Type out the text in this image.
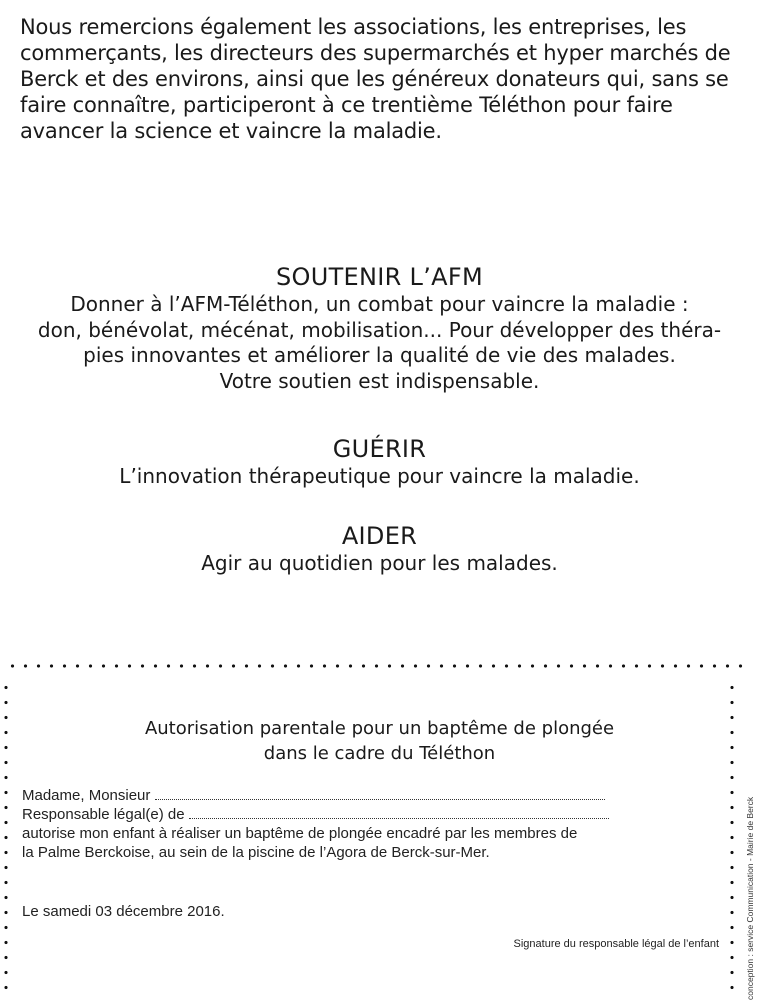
Nous remercions également les associations, les entreprises, les commerçants, les directeurs des supermarchés et hyper marchés de Berck et des environs, ainsi que les généreux donateurs qui, sans se faire connaître, participeront à ce trentième Téléthon pour faire avancer la science et vaincre la maladie.

SOUTENIR L’AFM
Donner à l’AFM-Téléthon, un combat pour vaincre la maladie :
don, bénévolat, mécénat, mobilisation... Pour développer des théra-
pies innovantes et améliorer la qualité de vie des malades.
Votre soutien est indispensable.
GUÉRIR
L’innovation thérapeutique pour vaincre la maladie.
AIDER
Agir au quotidien pour les malades.
Autorisation parentale pour un baptême de plongée
dans le cadre du Téléthon
Madame, Monsieur
Responsable légal(e) de
autorise mon enfant à réaliser un baptême de plongée encadré par les membres de
la Palme Berckoise, au sein de la piscine de l’Agora de Berck-sur-Mer.
Le samedi 03 décembre 2016.
Signature du responsable légal de l’enfant	conception : service Communication - Mairie de Berck
